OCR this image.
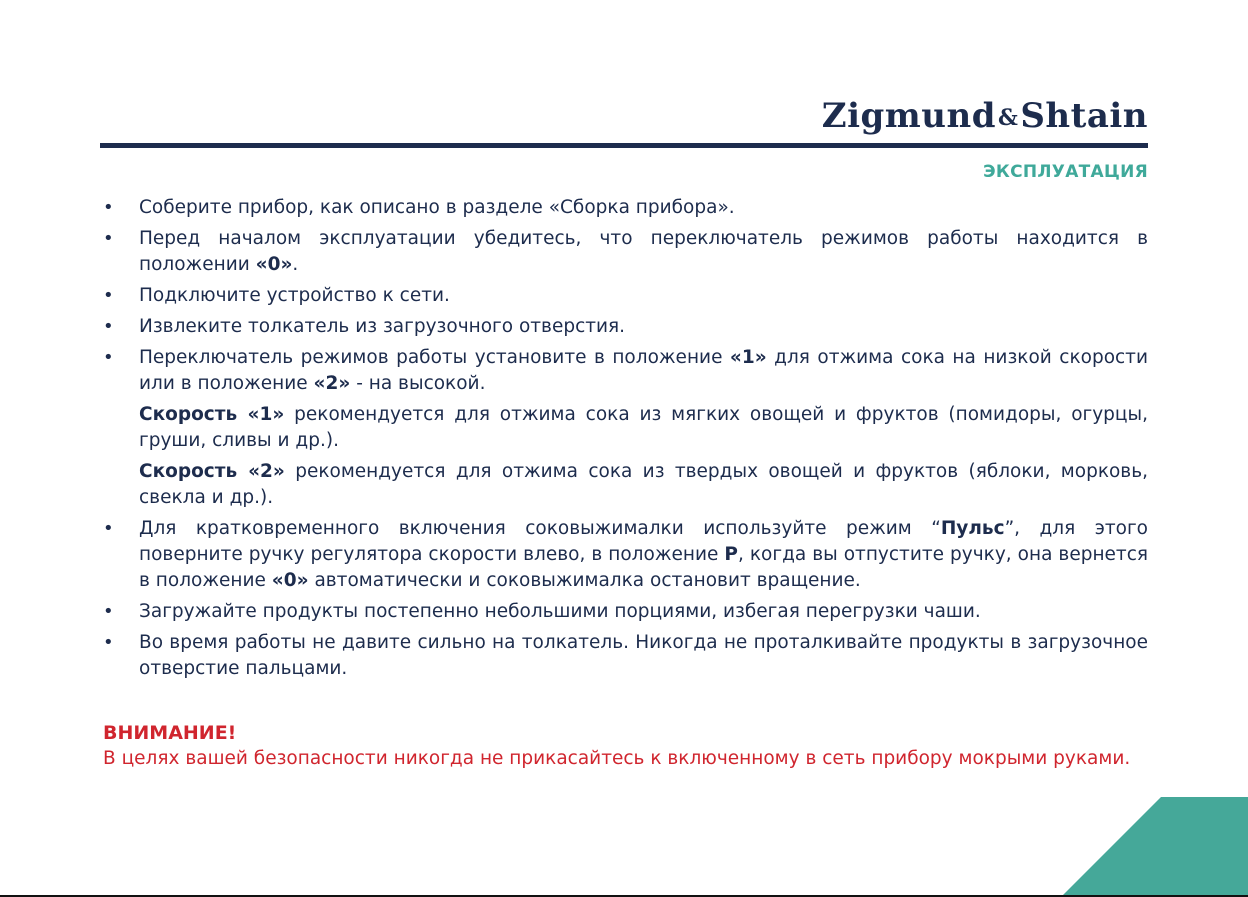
Zigmund&Shtain
ЭКСПЛУАТАЦИЯ
• Соберите прибор, как описано в разделе «Сборка прибора».
• Перед началом эксплуатации убедитесь, что переключатель режимов работы находится в положении «0».
• Подключите устройство к сети.
• Извлеките толкатель из загрузочного отверстия.
• Переключатель режимов работы установите в положение «1» для отжима сока на низкой скорости или в положение «2» - на высокой.
Скорость «1» рекомендуется для отжима сока из мягких овощей и фруктов (помидоры, огурцы, груши, сливы и др.).
Скорость «2» рекомендуется для отжима сока из твердых овощей и фруктов (яблоки, морковь, свекла и др.).
• Для кратковременного включения соковыжималки используйте режим “Пульс”, для этого поверните ручку регулятора скорости влево, в положение P, когда вы отпустите ручку, она вернется в положение «0» автоматически и соковыжималка остановит вращение.
• Загружайте продукты постепенно небольшими порциями, избегая перегрузки чаши.
• Во время работы не давите сильно на толкатель. Никогда не проталкивайте продукты в загрузочное отверстие пальцами.
ВНИМАНИЕ!
В целях вашей безопасности никогда не прикасайтесь к включенному в сеть прибору мокрыми руками.
